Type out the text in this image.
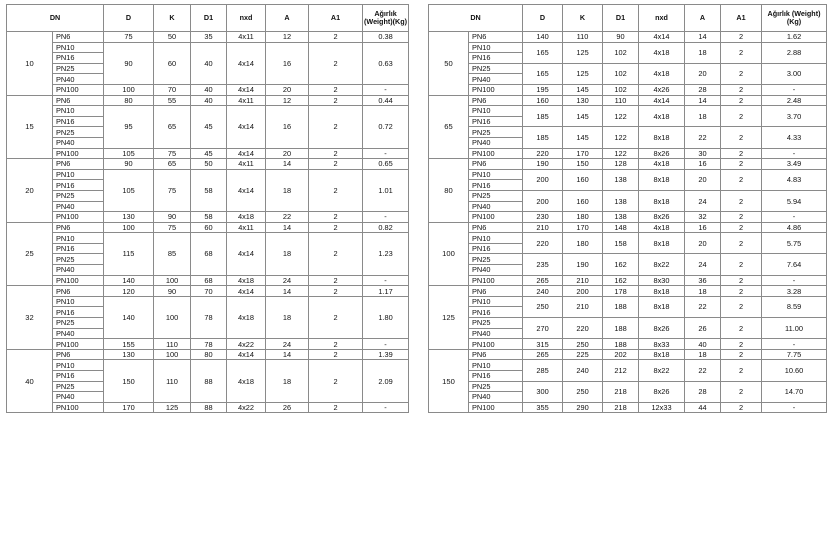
DN		D	K	D1	nxd	A	A1	Ağırlık (Weight)(Kg)
10	PN6	75	50	35	4x11	12	2	0.38
	PN10	90	60	40	4x14	16	2	0.63
	PN16							
	PN25							
	PN40							
	PN100	100	70	40	4x14	20	2	-
15	PN6	80	55	40	4x11	12	2	0.44
	PN10	95	65	45	4x14	16	2	0.72
	PN16							
	PN25							
	PN40							
	PN100	105	75	45	4x14	20	2	-
20	PN6	90	65	50	4x11	14	2	0.65
	PN10	105	75	58	4x14	18	2	1.01
	PN16							
	PN25							
	PN40							
	PN100	130	90	58	4x18	22	2	-
25	PN6	100	75	60	4x11	14	2	0.82
	PN10	115	85	68	4x14	18	2	1.23
	PN16							
	PN25							
	PN40							
	PN100	140	100	68	4x18	24	2	-
32	PN6	120	90	70	4x14	14	2	1.17
	PN10	140	100	78	4x18	18	2	1.80
	PN16							
	PN25							
	PN40							
	PN100	155	110	78	4x22	24	2	-
40	PN6	130	100	80	4x14	14	2	1.39
	PN10	150	110	88	4x18	18	2	2.09
	PN16							
	PN25							
	PN40							
	PN100	170	125	88	4x22	26	2	-
DN		D	K	D1	nxd	A	A1	Ağırlık (Weight)(Kg)
50	PN6	140	110	90	4x14	14	2	1.62
	PN10	165	125	102	4x18	18	2	2.88
	PN16							
	PN25	165	125	102	4x18	20	2	3.00
	PN40							
	PN100	195	145	102	4x26	28	2	-
65	PN6	160	130	110	4x14	14	2	2.48
	PN10	185	145	122	4x18	18	2	3.70
	PN16							
	PN25	185	145	122	8x18	22	2	4.33
	PN40							
	PN100	220	170	122	8x26	30	2	-
80	PN6	190	150	128	4x18	16	2	3.49
	PN10	200	160	138	8x18	20	2	4.83
	PN16							
	PN25	200	160	138	8x18	24	2	5.94
	PN40							
	PN100	230	180	138	8x26	32	2	-
100	PN6	210	170	148	4x18	16	2	4.86
	PN10	220	180	158	8x18	20	2	5.75
	PN16							
	PN25	235	190	162	8x22	24	2	7.64
	PN40							
	PN100	265	210	162	8x30	36	2	-
125	PN6	240	200	178	8x18	18	2	3.28
	PN10	250	210	188	8x18	22	2	8.59
	PN16							
	PN25	270	220	188	8x26	26	2	11.00
	PN40							
	PN100	315	250	188	8x33	40	2	-
150	PN6	265	225	202	8x18	18	2	7.75
	PN10	285	240	212	8x22	22	2	10.60
	PN16							
	PN25	300	250	218	8x26	28	2	14.70
	PN40							
	PN100	355	290	218	12x33	44	2	-
